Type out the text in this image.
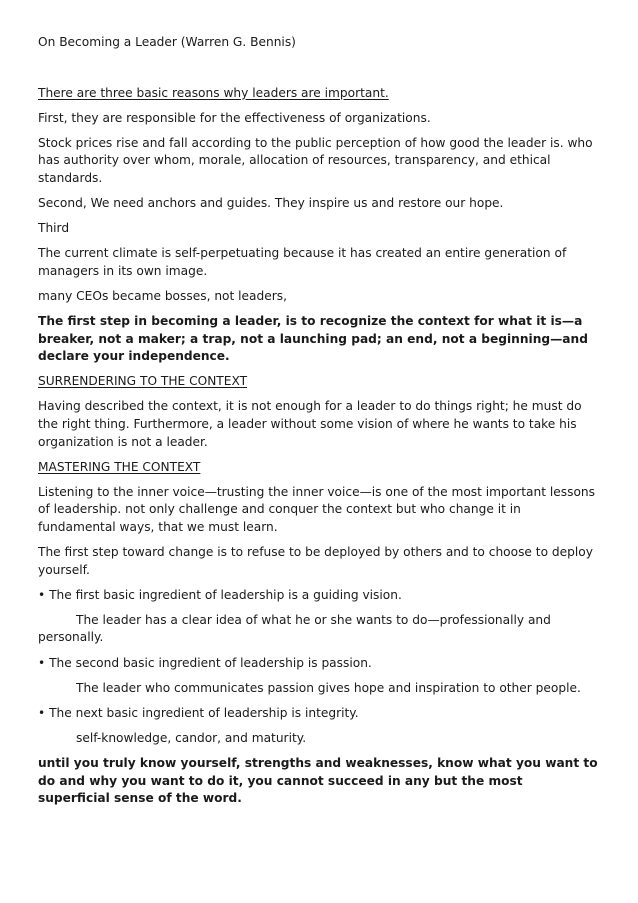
On Becoming a Leader (Warren G. Bennis)

There are three basic reasons why leaders are important.

First, they are responsible for the effectiveness of organizations.

Stock prices rise and fall according to the public perception of how good the leader is. who has authority over whom, morale, allocation of resources, transparency, and ethical standards.

Second, We need anchors and guides. They inspire us and restore our hope.

Third

The current climate is self-perpetuating because it has created an entire generation of managers in its own image.

many CEOs became bosses, not leaders,

The first step in becoming a leader, is to recognize the context for what it is—a breaker, not a maker; a trap, not a launching pad; an end, not a beginning—and declare your independence.

SURRENDERING TO THE CONTEXT

Having described the context, it is not enough for a leader to do things right; he must do the right thing. Furthermore, a leader without some vision of where he wants to take his organization is not a leader.

MASTERING THE CONTEXT

Listening to the inner voice—trusting the inner voice—is one of the most important lessons of leadership. not only challenge and conquer the context but who change it in fundamental ways, that we must learn.

The first step toward change is to refuse to be deployed by others and to choose to deploy yourself.

• The first basic ingredient of leadership is a guiding vision.

The leader has a clear idea of what he or she wants to do—professionally and personally.

• The second basic ingredient of leadership is passion.

The leader who communicates passion gives hope and inspiration to other people.

• The next basic ingredient of leadership is integrity.

self-knowledge, candor, and maturity.

until you truly know yourself, strengths and weaknesses, know what you want to do and why you want to do it, you cannot succeed in any but the most superficial sense of the word.
